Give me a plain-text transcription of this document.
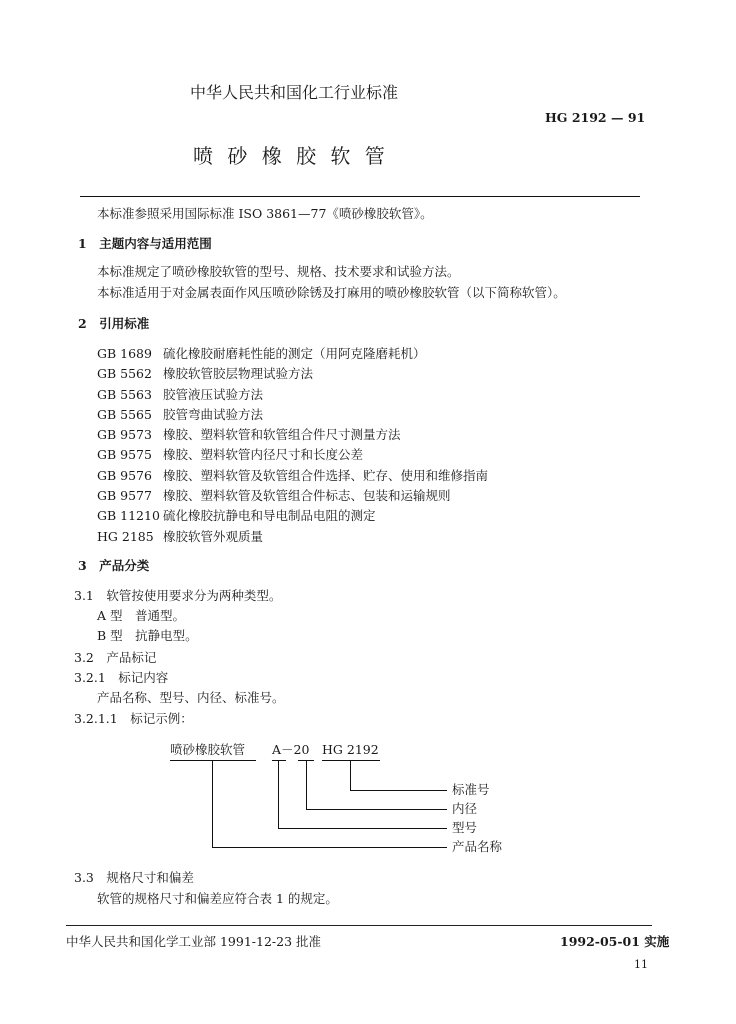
中华人民共和国化工行业标准
HG 2192 — 91
喷 砂 橡 胶 软 管
本标准参照采用国际标准 ISO 3861—77《喷砂橡胶软管》。
1　主题内容与适用范围
本标准规定了喷砂橡胶软管的型号、规格、技术要求和试验方法。
本标准适用于对金属表面作风压喷砂除锈及打麻用的喷砂橡胶软管（以下简称软管）。
2　引用标准
GB 1689 硫化橡胶耐磨耗性能的测定（用阿克隆磨耗机）
GB 5562 橡胶软管胶层物理试验方法
GB 5563 胶管液压试验方法
GB 5565 胶管弯曲试验方法
GB 9573 橡胶、塑料软管和软管组合件尺寸测量方法
GB 9575 橡胶、塑料软管内径尺寸和长度公差
GB 9576 橡胶、塑料软管及软管组合件选择、贮存、使用和维修指南
GB 9577 橡胶、塑料软管及软管组合件标志、包装和运输规则
GB 11210 硫化橡胶抗静电和导电制品电阻的测定
HG 2185 橡胶软管外观质量
3　产品分类
3.1　软管按使用要求分为两种类型。
A 型　普通型。
B 型　抗静电型。
3.2　产品标记
3.2.1　标记内容
产品名称、型号、内径、标准号。
3.2.1.1　标记示例：
喷砂橡胶软管 A－20 HG 2192
标准号
内径
型号
产品名称
3.3　规格尺寸和偏差
软管的规格尺寸和偏差应符合表 1 的规定。
中华人民共和国化学工业部 1991-12-23 批准	1992-05-01 实施
11
